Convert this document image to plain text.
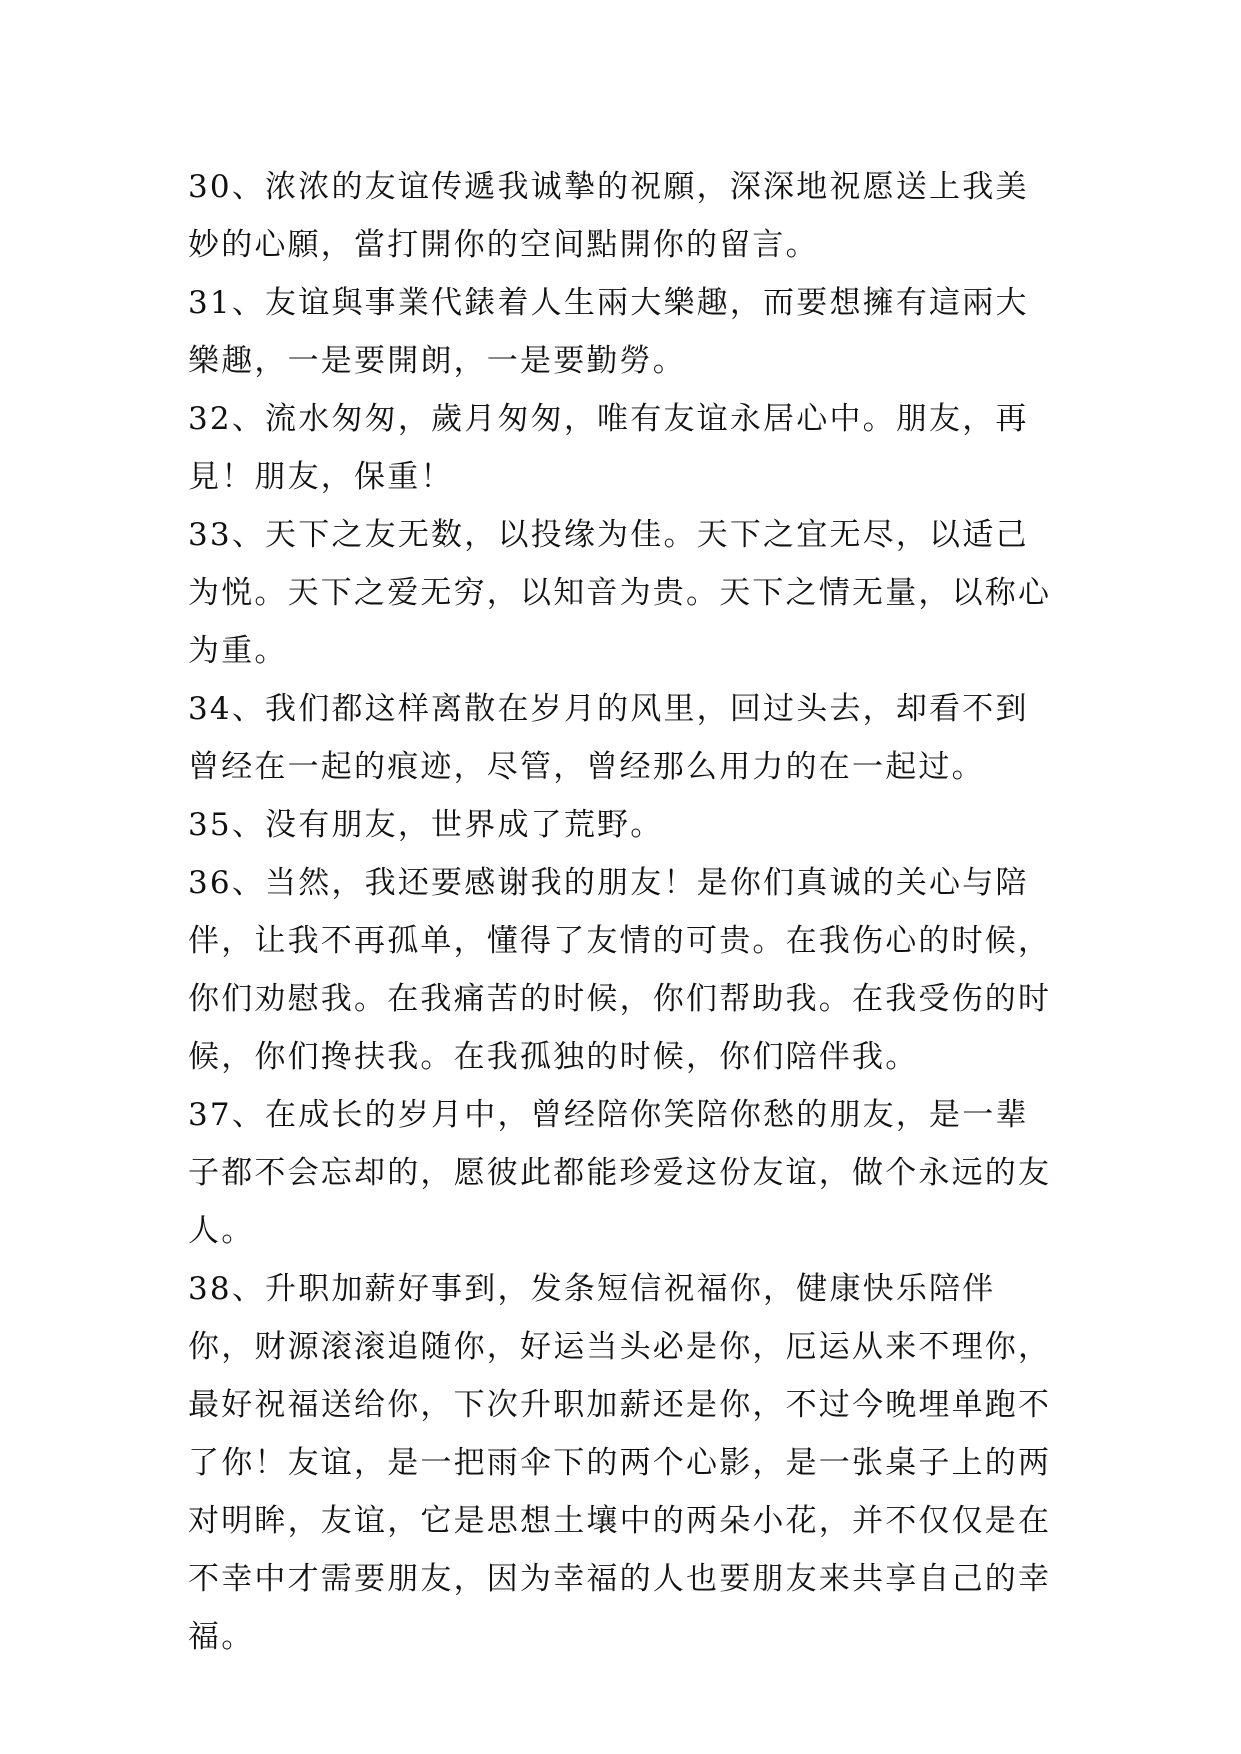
30、浓浓的友谊传遞我诚摯的祝願，深深地祝愿送上我美妙的心願，當打開你的空间點開你的留言。

31、友谊與事業代錶着人生兩大樂趣，而要想擁有這兩大樂趣，一是要開朗，一是要勤勞。

32、流水匆匆，歲月匆匆，唯有友谊永居心中。朋友，再見！朋友，保重！

33、天下之友无数，以投缘为佳。天下之宜无尽，以适己为悦。天下之爱无穷，以知音为贵。天下之情无量，以称心为重。

34、我们都这样离散在岁月的风里，回过头去，却看不到曾经在一起的痕迹，尽管，曾经那么用力的在一起过。

35、没有朋友，世界成了荒野。

36、当然，我还要感谢我的朋友！是你们真诚的关心与陪伴，让我不再孤单，懂得了友情的可贵。在我伤心的时候，你们劝慰我。在我痛苦的时候，你们帮助我。在我受伤的时候，你们搀扶我。在我孤独的时候，你们陪伴我。

37、在成长的岁月中，曾经陪你笑陪你愁的朋友，是一辈子都不会忘却的，愿彼此都能珍爱这份友谊，做个永远的友人。

38、升职加薪好事到，发条短信祝福你，健康快乐陪伴你，财源滚滚追随你，好运当头必是你，厄运从来不理你，最好祝福送给你，下次升职加薪还是你，不过今晚埋单跑不了你！友谊，是一把雨伞下的两个心影，是一张桌子上的两对明眸，友谊，它是思想土壤中的两朵小花，并不仅仅是在不幸中才需要朋友，因为幸福的人也要朋友来共享自己的幸福。
